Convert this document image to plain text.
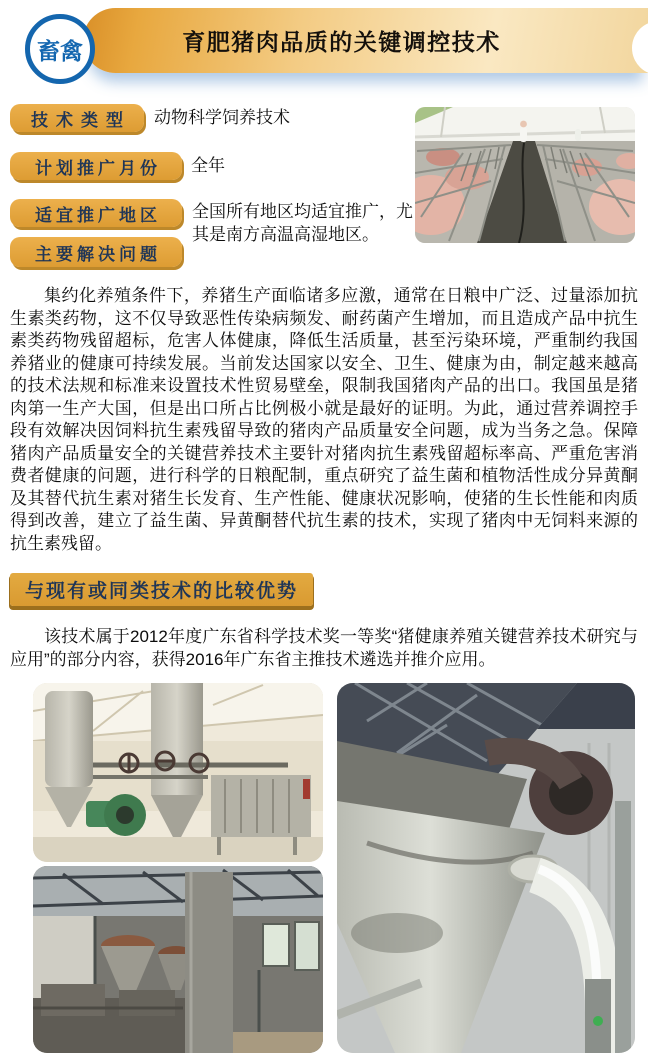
育肥猪肉品质的关键调控技术
畜禽
技术类型 动物科学饲养技术
计划推广月份 全年
适宜推广地区 全国所有地区均适宜推广，尤其是南方高温高湿地区。
主要解决问题

集约化养殖条件下，养猪生产面临诸多应激，通常在日粮中广泛、过量添加抗生素类药物，这不仅导致恶性传染病频发、耐药菌产生增加，而且造成产品中抗生素类药物残留超标，危害人体健康，降低生活质量，甚至污染环境，严重制约我国养猪业的健康可持续发展。当前发达国家以安全、卫生、健康为由，制定越来越高的技术法规和标准来设置技术性贸易壁垒，限制我国猪肉产品的出口。我国虽是猪肉第一生产大国，但是出口所占比例极小就是最好的证明。为此，通过营养调控手段有效解决因饲料抗生素残留导致的猪肉产品质量安全问题，成为当务之急。保障猪肉产品质量安全的关键营养技术主要针对猪肉抗生素残留超标率高、严重危害消费者健康的问题，进行科学的日粮配制，重点研究了益生菌和植物活性成分异黄酮及其替代抗生素对猪生长发育、生产性能、健康状况影响，使猪的生长性能和肉质得到改善，建立了益生菌、异黄酮替代抗生素的技术，实现了猪肉中无饲料来源的抗生素残留。

与现有或同类技术的比较优势

该技术属于2012年度广东省科学技术奖一等奖“猪健康养殖关键营养技术研究与应用”的部分内容，获得2016年广东省主推技术遴选并推介应用。
